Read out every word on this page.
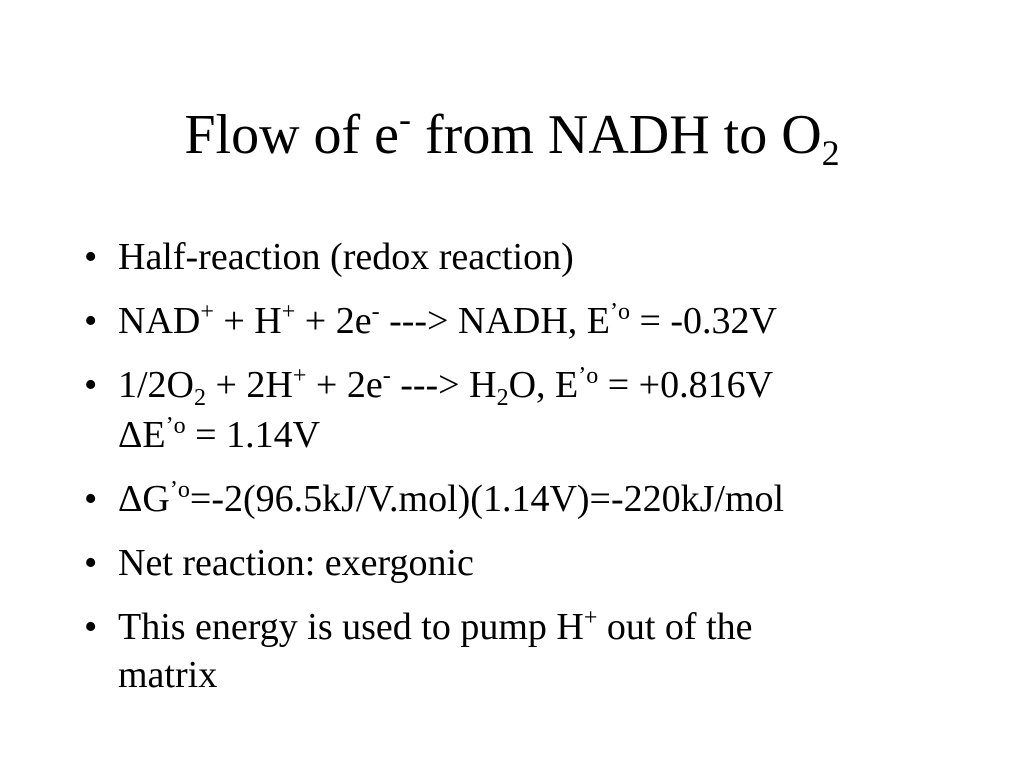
Flow of e- from NADH to $O_2$
• Half-reaction (redox reaction)
• NAD+ + H+ + 2e- ---> NADH, $E^{’o} = -0.32V$
• $1/2O_2 + 2H^+ + 2e^-$ ---> $H_2O$, $E^{’o} = +0.816V$
$\Delta E^{’o} = 1.14V$
• $\Delta G^{’o}=-2(96.5kJ/V.mol)(1.14V)=-220kJ$/mol
• Net reaction: exergonic
• This energy is used to pump H+ out of the
matrix
